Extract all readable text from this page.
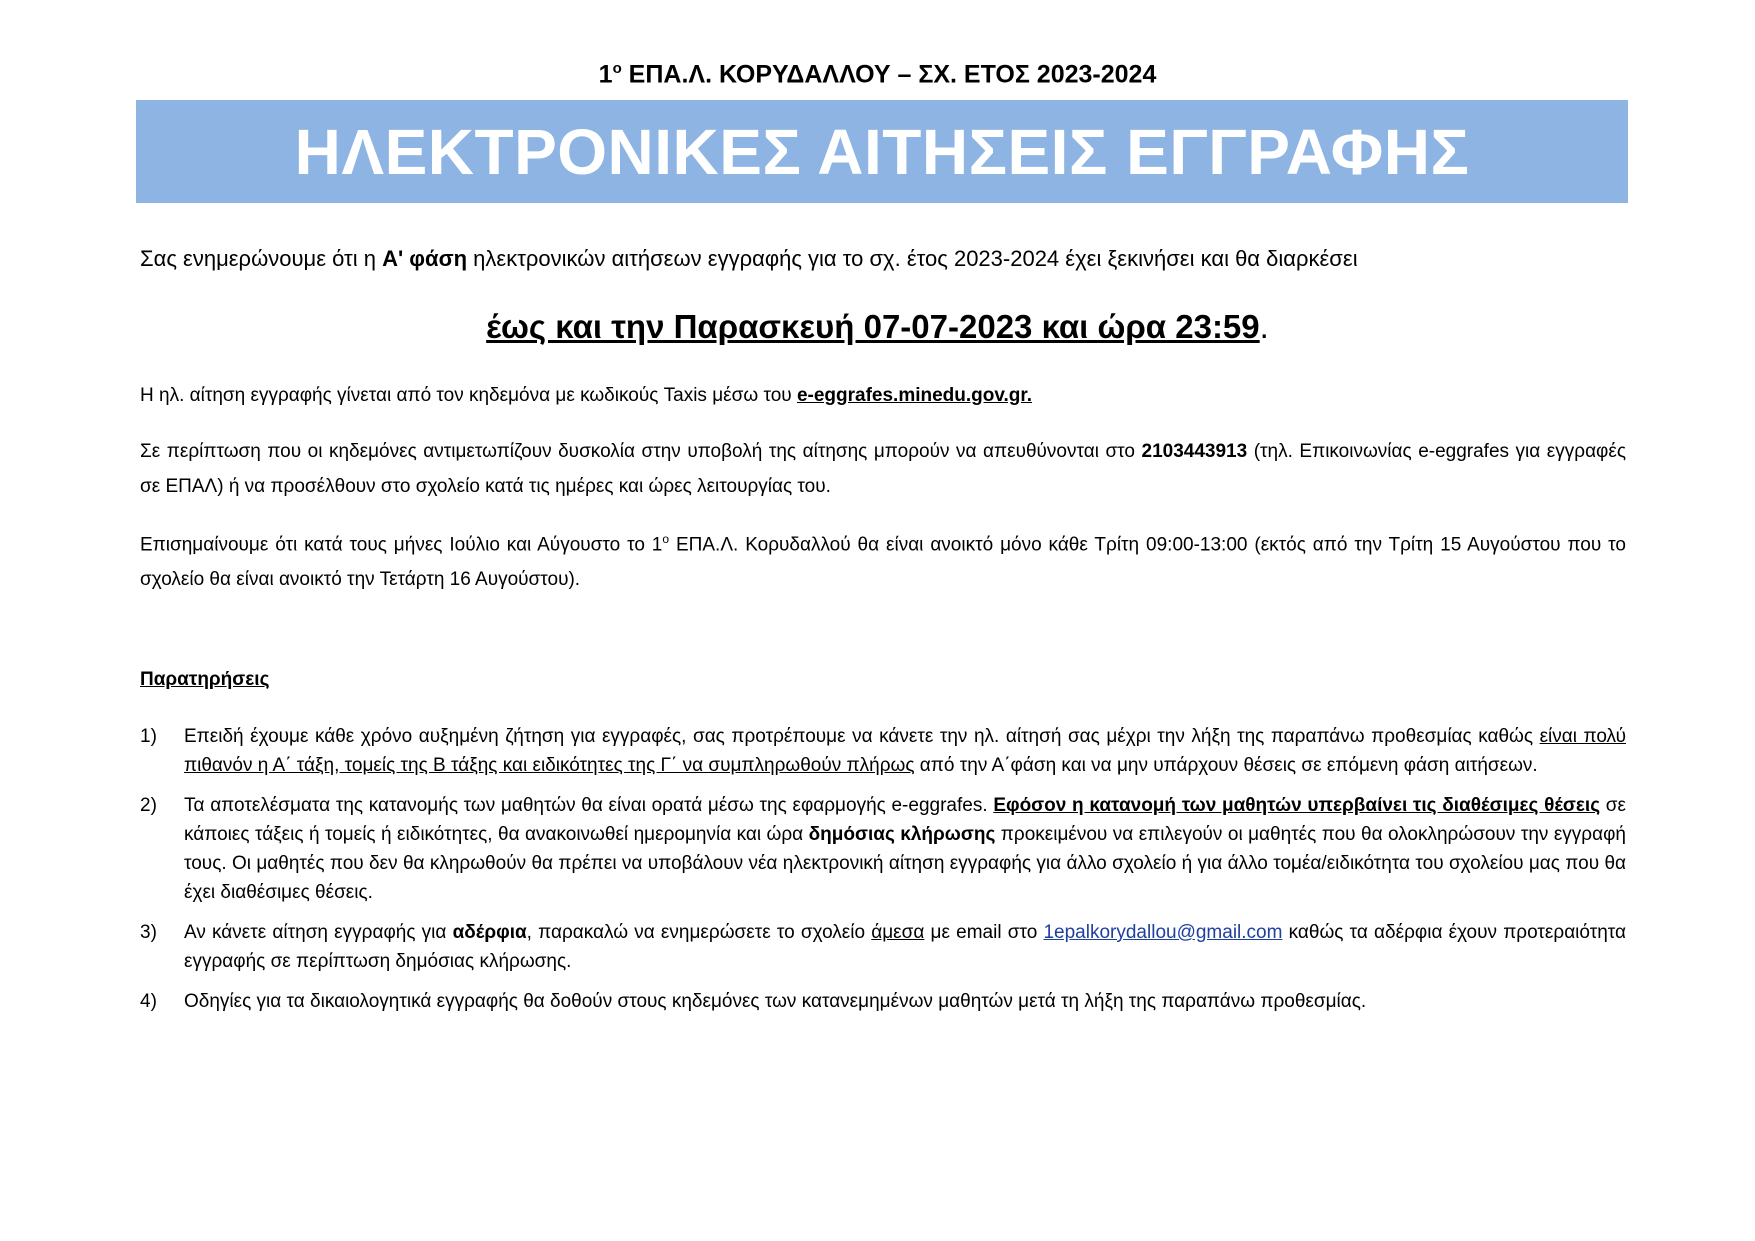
$1^o$ ΕΠΑ.Λ. ΚΟΡΥΔΑΛΛΟΥ – ΣΧ. ΕΤΟΣ 2023-2024
ΗΛΕΚΤΡΟΝΙΚΕΣ ΑΙΤΗΣΕΙΣ ΕΓΓΡΑΦΗΣ
Σας ενημερώνουμε ότι η Α' φάση ηλεκτρονικών αιτήσεων εγγραφής για το σχ. έτος 2023-2024 έχει ξεκινήσει και θα διαρκέσει
έως και την Παρασκευή 07-07-2023 και ώρα 23:59.
Η ηλ. αίτηση εγγραφής γίνεται από τον κηδεμόνα με κωδικούς Taxis μέσω του e-eggrafes.minedu.gov.gr.
Σε περίπτωση που οι κηδεμόνες αντιμετωπίζουν δυσκολία στην υποβολή της αίτησης μπορούν να απευθύνονται στο 2103443913 (τηλ. Επικοινωνίας e-eggrafes για εγγραφές σε ΕΠΑΛ) ή να προσέλθουν στο σχολείο κατά τις ημέρες και ώρες λειτουργίας του.
Επισημαίνουμε ότι κατά τους μήνες Ιούλιο και Αύγουστο το $1^o$ ΕΠΑ.Λ. Κορυδαλλού θα είναι ανοικτό μόνο κάθε Τρίτη 09:00-13:00 (εκτός από την Τρίτη 15 Αυγούστου που το σχολείο θα είναι ανοικτό την Τετάρτη 16 Αυγούστου).
Παρατηρήσεις
1)	Επειδή έχουμε κάθε χρόνο αυξημένη ζήτηση για εγγραφές, σας προτρέπουμε να κάνετε την ηλ. αίτησή σας μέχρι την λήξη της παραπάνω προθεσμίας καθώς είναι πολύ πιθανόν η Α΄ τάξη, τομείς της Β τάξης και ειδικότητες της Γ΄ να συμπληρωθούν πλήρως από την Α΄φάση και να μην υπάρχουν θέσεις σε επόμενη φάση αιτήσεων.
2)	Τα αποτελέσματα της κατανομής των μαθητών θα είναι ορατά μέσω της εφαρμογής e-eggrafes. Εφόσον η κατανομή των μαθητών υπερβαίνει τις διαθέσιμες θέσεις σε κάποιες τάξεις ή τομείς ή ειδικότητες, θα ανακοινωθεί ημερομηνία και ώρα δημόσιας κλήρωσης προκειμένου να επιλεγούν οι μαθητές που θα ολοκληρώσουν την εγγραφή τους. Οι μαθητές που δεν θα κληρωθούν θα πρέπει να υποβάλουν νέα ηλεκτρονική αίτηση εγγραφής για άλλο σχολείο ή για άλλο τομέα/ειδικότητα του σχολείου μας που θα έχει διαθέσιμες θέσεις.
3)	Αν κάνετε αίτηση εγγραφής για αδέρφια, παρακαλώ να ενημερώσετε το σχολείο άμεσα με email στο 1epalkorydallou@gmail.com καθώς τα αδέρφια έχουν προτεραιότητα εγγραφής σε περίπτωση δημόσιας κλήρωσης.
4)	Οδηγίες για τα δικαιολογητικά εγγραφής θα δοθούν στους κηδεμόνες των κατανεμημένων μαθητών μετά τη λήξη της παραπάνω προθεσμίας.
